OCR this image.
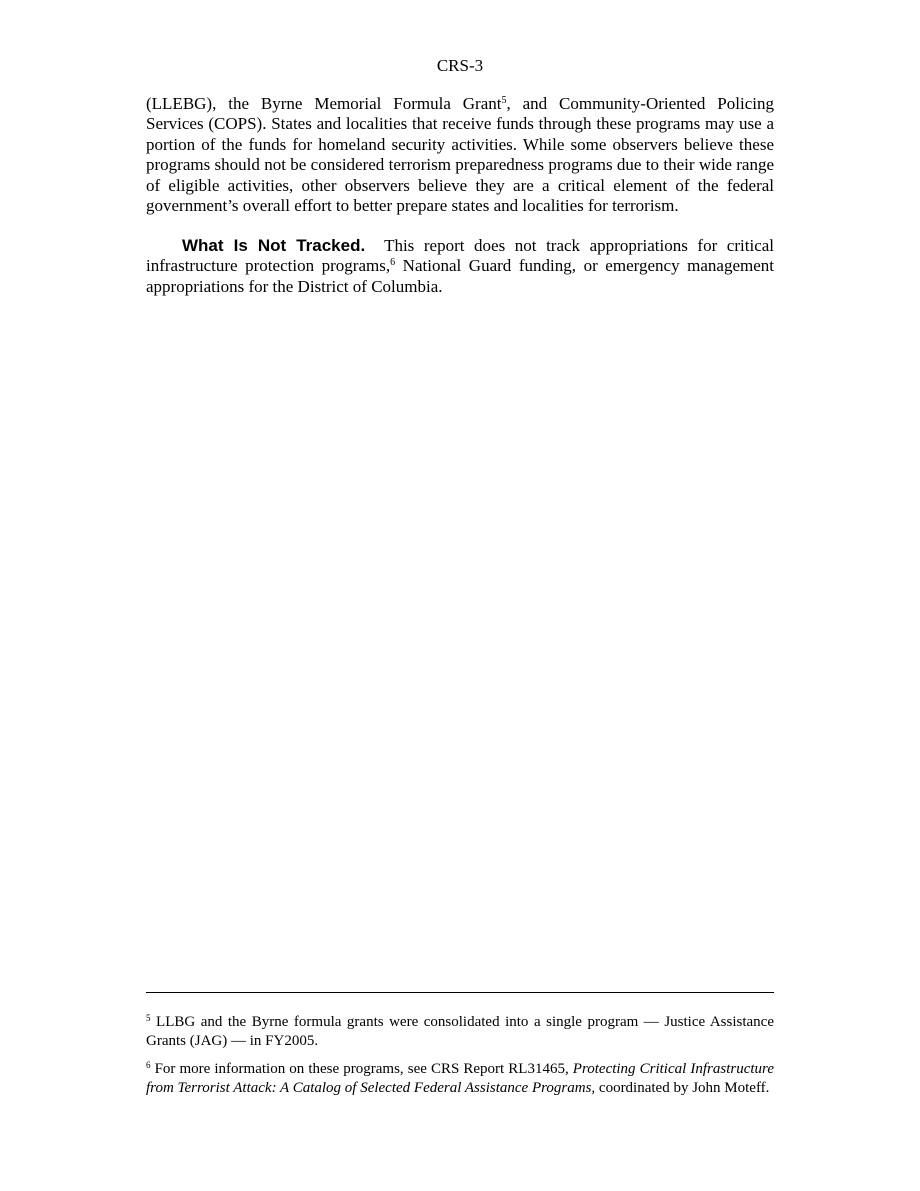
CRS-3
(LLEBG), the Byrne Memorial Formula Grant$^5$, and Community-Oriented Policing Services (COPS). States and localities that receive funds through these programs may use a portion of the funds for homeland security activities. While some observers believe these programs should not be considered terrorism preparedness programs due to their wide range of eligible activities, other observers believe they are a critical element of the federal government’s overall effort to better prepare states and localities for terrorism.
What Is Not Tracked. This report does not track appropriations for critical infrastructure protection programs,$^6$ National Guard funding, or emergency management appropriations for the District of Columbia.
$^5$ LLBG and the Byrne formula grants were consolidated into a single program — Justice Assistance Grants (JAG) — in FY2005.
$^6$ For more information on these programs, see CRS Report RL31465, Protecting Critical Infrastructure from Terrorist Attack: A Catalog of Selected Federal Assistance Programs, coordinated by John Moteff.
